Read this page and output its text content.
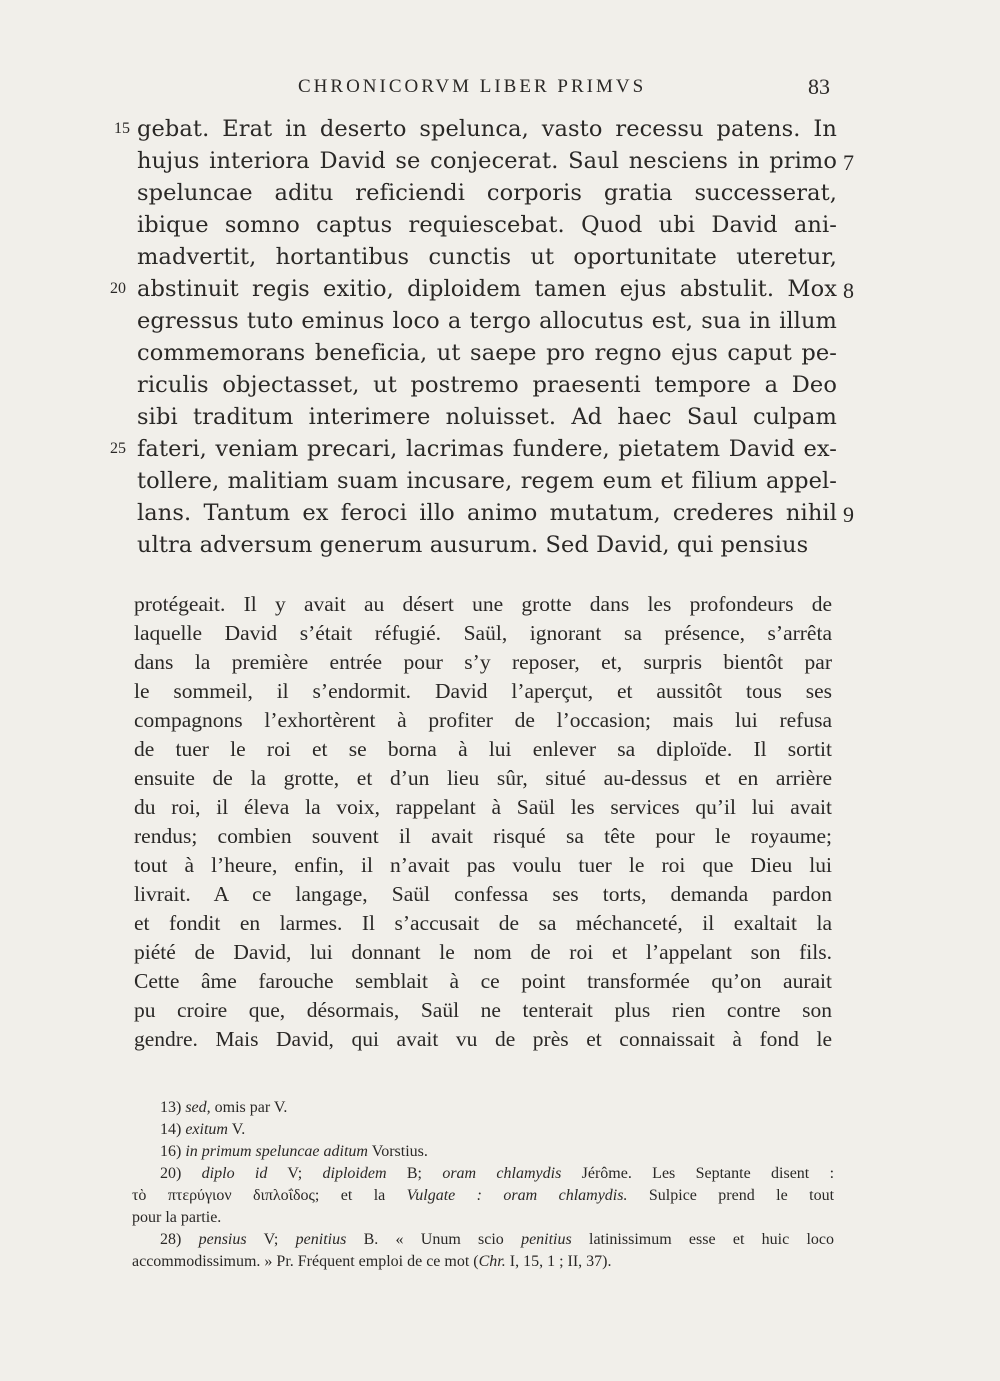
CHRONICORVM LIBER PRIMVS	83
gebat. Erat in deserto spelunca, vasto recessu patens. In
hujus interiora David se conjecerat. Saul nesciens in primo
speluncae aditu reficiendi corporis gratia successerat,
ibique somno captus requiescebat. Quod ubi David ani-
madvertit, hortantibus cunctis ut oportunitate uteretur,
abstinuit regis exitio, diploidem tamen ejus abstulit. Mox
egressus tuto eminus loco a tergo allocutus est, sua in illum
commemorans beneficia, ut saepe pro regno ejus caput pe-
riculis objectasset, ut postremo praesenti tempore a Deo
sibi traditum interimere noluisset. Ad haec Saul culpam
fateri, veniam precari, lacrimas fundere, pietatem David ex-
tollere, malitiam suam incusare, regem eum et filium appel-
lans. Tantum ex feroci illo animo mutatum, crederes nihil
ultra adversum generum ausurum. Sed David, qui pensius
15
20
25
7
8
9
protégeait. Il y avait au désert une grotte dans les profondeurs de
laquelle David s’était réfugié. Saül, ignorant sa présence, s’arrêta
dans la première entrée pour s’y reposer, et, surpris bientôt par
le sommeil, il s’endormit. David l’aperçut, et aussitôt tous ses
compagnons l’exhortèrent à profiter de l’occasion; mais lui refusa
de tuer le roi et se borna à lui enlever sa diploïde. Il sortit
ensuite de la grotte, et d’un lieu sûr, situé au-dessus et en arrière
du roi, il éleva la voix, rappelant à Saül les services qu’il lui avait
rendus; combien souvent il avait risqué sa tête pour le royaume;
tout à l’heure, enfin, il n’avait pas voulu tuer le roi que Dieu lui
livrait. A ce langage, Saül confessa ses torts, demanda pardon
et fondit en larmes. Il s’accusait de sa méchanceté, il exaltait la
piété de David, lui donnant le nom de roi et l’appelant son fils.
Cette âme farouche semblait à ce point transformée qu’on aurait
pu croire que, désormais, Saül ne tenterait plus rien contre son
gendre. Mais David, qui avait vu de près et connaissait à fond le
13) sed, omis par V.
14) exitum V.
16) in primum speluncae aditum Vorstius.
20) diplo id V; diploidem B; oram chlamydis Jérôme. Les Septante disent :
τὸ πτερύγιον διπλοΐδος; et la Vulgate : oram chlamydis. Sulpice prend le tout
pour la partie.
28) pensius V; penitius B. « Unum scio penitius latinissimum esse et huic loco
accommodissimum. » Pr. Fréquent emploi de ce mot (Chr. I, 15, 1 ; II, 37).
